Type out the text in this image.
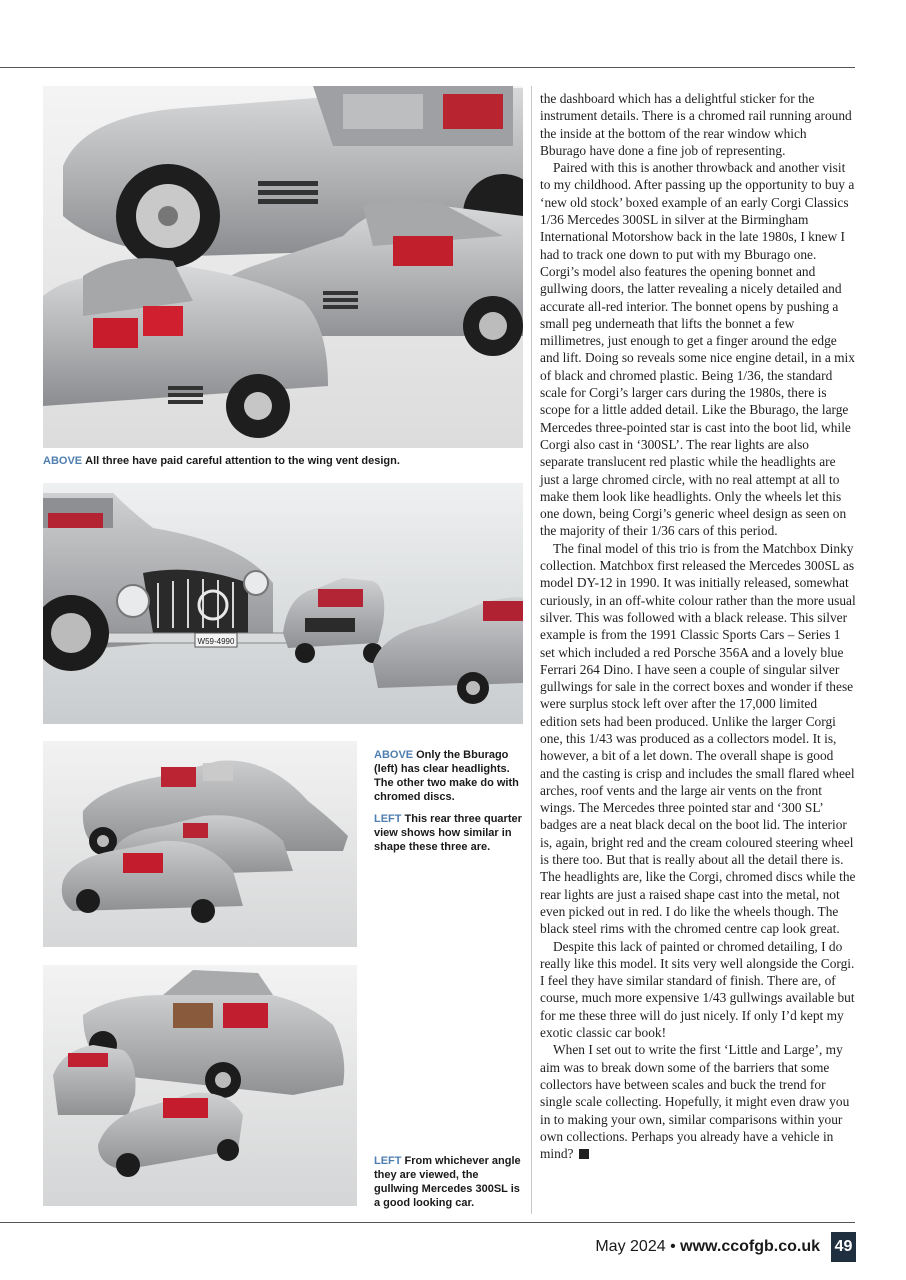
ABOVE All three have paid careful attention to the wing vent design.
W59-4990

ABOVE Only the Bburago (left) has clear headlights. The other two make do with chromed discs.

LEFT This rear three quarter view shows how similar in shape these three are.

LEFT From whichever angle they are viewed, the gullwing Mercedes 300SL is a good looking car.

the dashboard which has a delightful sticker for the instrument details. There is a chromed rail running around the inside at the bottom of the rear window which Bburago have done a fine job of representing.

Paired with this is another throwback and another visit to my childhood. After passing up the opportunity to buy a ‘new old stock’ boxed example of an early Corgi Classics 1/36 Mercedes 300SL in silver at the Birmingham International Motorshow back in the late 1980s, I knew I had to track one down to put with my Bburago one. Corgi’s model also features the opening bonnet and gullwing doors, the latter revealing a nicely detailed and accurate all-red interior. The bonnet opens by pushing a small peg underneath that lifts the bonnet a few millimetres, just enough to get a finger around the edge and lift. Doing so reveals some nice engine detail, in a mix of black and chromed plastic. Being 1/36, the standard scale for Corgi’s larger cars during the 1980s, there is scope for a little added detail. Like the Bburago, the large Mercedes three-pointed star is cast into the boot lid, while Corgi also cast in ‘300SL’. The rear lights are also separate translucent red plastic while the headlights are just a large chromed circle, with no real attempt at all to make them look like headlights. Only the wheels let this one down, being Corgi’s generic wheel design as seen on the majority of their 1/36 cars of this period.

The final model of this trio is from the Matchbox Dinky collection. Matchbox first released the Mercedes 300SL as model DY-12 in 1990. It was initially released, somewhat curiously, in an off-white colour rather than the more usual silver. This was followed with a black release. This silver example is from the 1991 Classic Sports Cars – Series 1 set which included a red Porsche 356A and a lovely blue Ferrari 264 Dino. I have seen a couple of singular silver gullwings for sale in the correct boxes and wonder if these were surplus stock left over after the 17,000 limited edition sets had been produced. Unlike the larger Corgi one, this 1/43 was produced as a collectors model. It is, however, a bit of a let down. The overall shape is good and the casting is crisp and includes the small flared wheel arches, roof vents and the large air vents on the front wings. The Mercedes three pointed star and ‘300 SL’ badges are a neat black decal on the boot lid. The interior is, again, bright red and the cream coloured steering wheel is there too. But that is really about all the detail there is. The headlights are, like the Corgi, chromed discs while the rear lights are just a raised shape cast into the metal, not even picked out in red. I do like the wheels though. The black steel rims with the chromed centre cap look great.

Despite this lack of painted or chromed detailing, I do really like this model. It sits very well alongside the Corgi. I feel they have similar standard of finish. There are, of course, much more expensive 1/43 gullwings available but for me these three will do just nicely. If only I’d kept my exotic classic car book!

When I set out to write the first ‘Little and Large’, my aim was to break down some of the barriers that some collectors have between scales and buck the trend for single scale collecting. Hopefully, it might even draw you in to making your own, similar comparisons within your own collections. Perhaps you already have a vehicle in mind?

May 2024 • www.ccofgb.co.uk 49
